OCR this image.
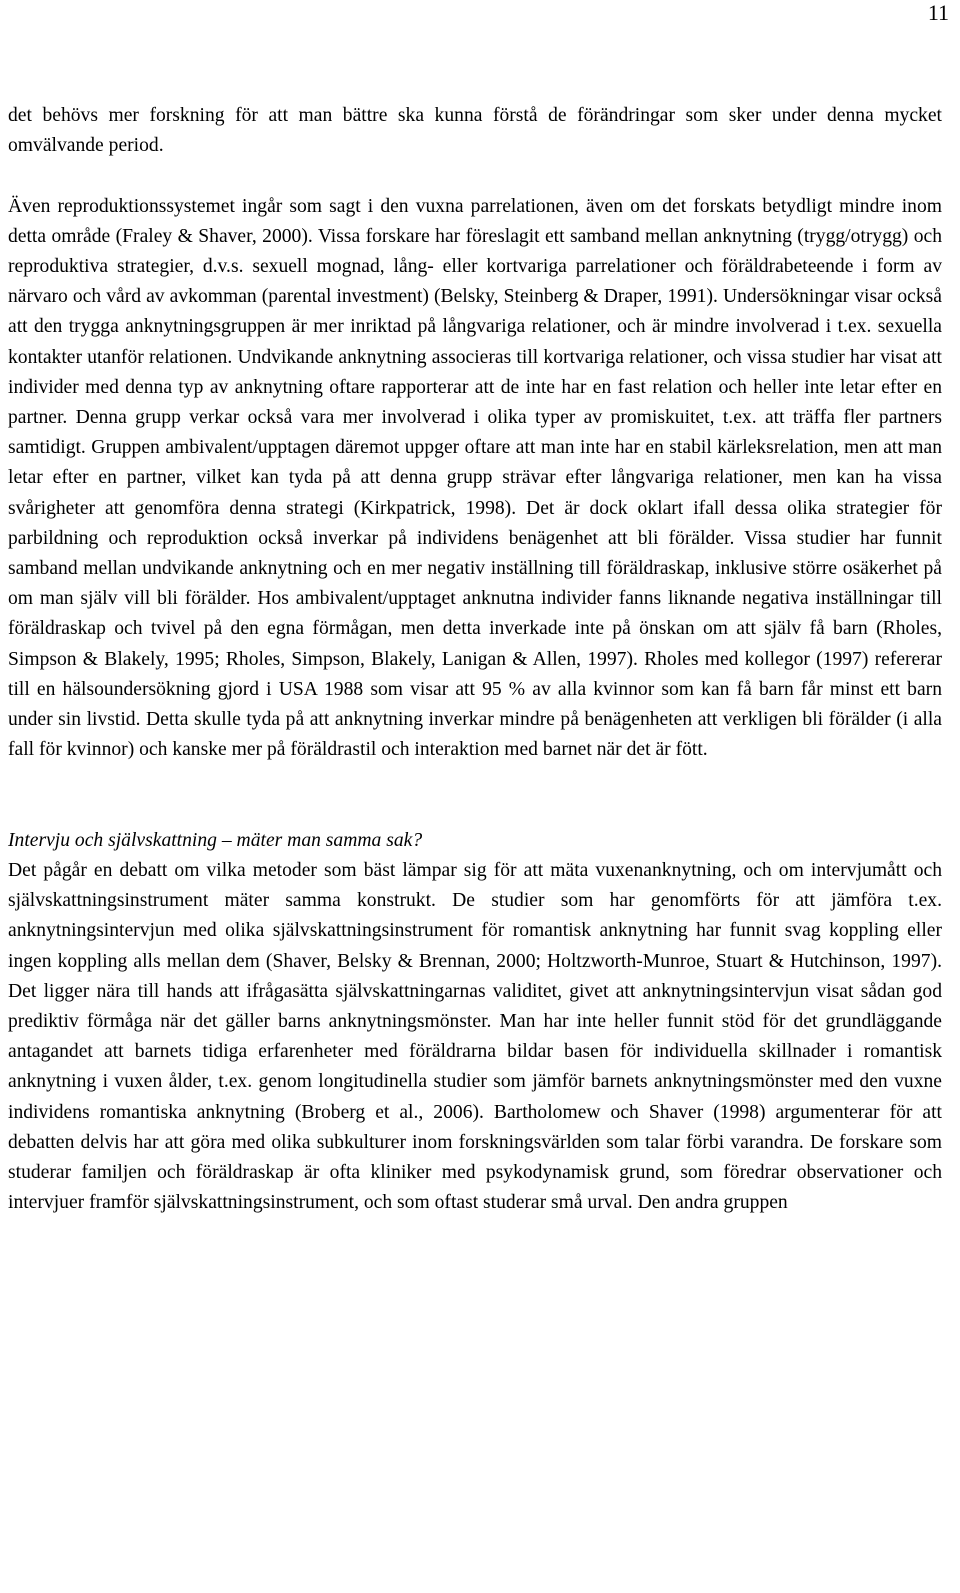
11

det behövs mer forskning för att man bättre ska kunna förstå de förändringar som sker under denna mycket omvälvande period.

Även reproduktionssystemet ingår som sagt i den vuxna parrelationen, även om det forskats betydligt mindre inom detta område (Fraley & Shaver, 2000). Vissa forskare har föreslagit ett samband mellan anknytning (trygg/otrygg) och reproduktiva strategier, d.v.s. sexuell mognad, lång- eller kortvariga parrelationer och föräldrabeteende i form av närvaro och vård av avkomman (parental investment) (Belsky, Steinberg & Draper, 1991). Undersökningar visar också att den trygga anknytningsgruppen är mer inriktad på långvariga relationer, och är mindre involverad i t.ex. sexuella kontakter utanför relationen. Undvikande anknytning associeras till kortvariga relationer, och vissa studier har visat att individer med denna typ av anknytning oftare rapporterar att de inte har en fast relation och heller inte letar efter en partner. Denna grupp verkar också vara mer involverad i olika typer av promiskuitet, t.ex. att träffa fler partners samtidigt. Gruppen ambivalent/upptagen däremot uppger oftare att man inte har en stabil kärleksrelation, men att man letar efter en partner, vilket kan tyda på att denna grupp strävar efter långvariga relationer, men kan ha vissa svårigheter att genomföra denna strategi (Kirkpatrick, 1998). Det är dock oklart ifall dessa olika strategier för parbildning och reproduktion också inverkar på individens benägenhet att bli förälder. Vissa studier har funnit samband mellan undvikande anknytning och en mer negativ inställning till föräldraskap, inklusive större osäkerhet på om man själv vill bli förälder. Hos ambivalent/upptaget anknutna individer fanns liknande negativa inställningar till föräldraskap och tvivel på den egna förmågan, men detta inverkade inte på önskan om att själv få barn (Rholes, Simpson & Blakely, 1995; Rholes, Simpson, Blakely, Lanigan & Allen, 1997). Rholes med kollegor (1997) refererar till en hälsoundersökning gjord i USA 1988 som visar att 95 % av alla kvinnor som kan få barn får minst ett barn under sin livstid. Detta skulle tyda på att anknytning inverkar mindre på benägenheten att verkligen bli förälder (i alla fall för kvinnor) och kanske mer på föräldrastil och interaktion med barnet när det är fött.

Intervju och självskattning – mäter man samma sak?

Det pågår en debatt om vilka metoder som bäst lämpar sig för att mäta vuxenanknytning, och om intervjumått och självskattningsinstrument mäter samma konstrukt. De studier som har genomförts för att jämföra t.ex. anknytningsintervjun med olika självskattningsinstrument för romantisk anknytning har funnit svag koppling eller ingen koppling alls mellan dem (Shaver, Belsky & Brennan, 2000; Holtzworth-Munroe, Stuart & Hutchinson, 1997). Det ligger nära till hands att ifrågasätta självskattningarnas validitet, givet att anknytningsintervjun visat sådan god prediktiv förmåga när det gäller barns anknytningsmönster. Man har inte heller funnit stöd för det grundläggande antagandet att barnets tidiga erfarenheter med föräldrarna bildar basen för individuella skillnader i romantisk anknytning i vuxen ålder, t.ex. genom longitudinella studier som jämför barnets anknytningsmönster med den vuxne individens romantiska anknytning (Broberg et al., 2006). Bartholomew och Shaver (1998) argumenterar för att debatten delvis har att göra med olika subkulturer inom forskningsvärlden som talar förbi varandra. De forskare som studerar familjen och föräldraskap är ofta kliniker med psykodynamisk grund, som föredrar observationer och intervjuer framför självskattningsinstrument, och som oftast studerar små urval. Den andra gruppen
